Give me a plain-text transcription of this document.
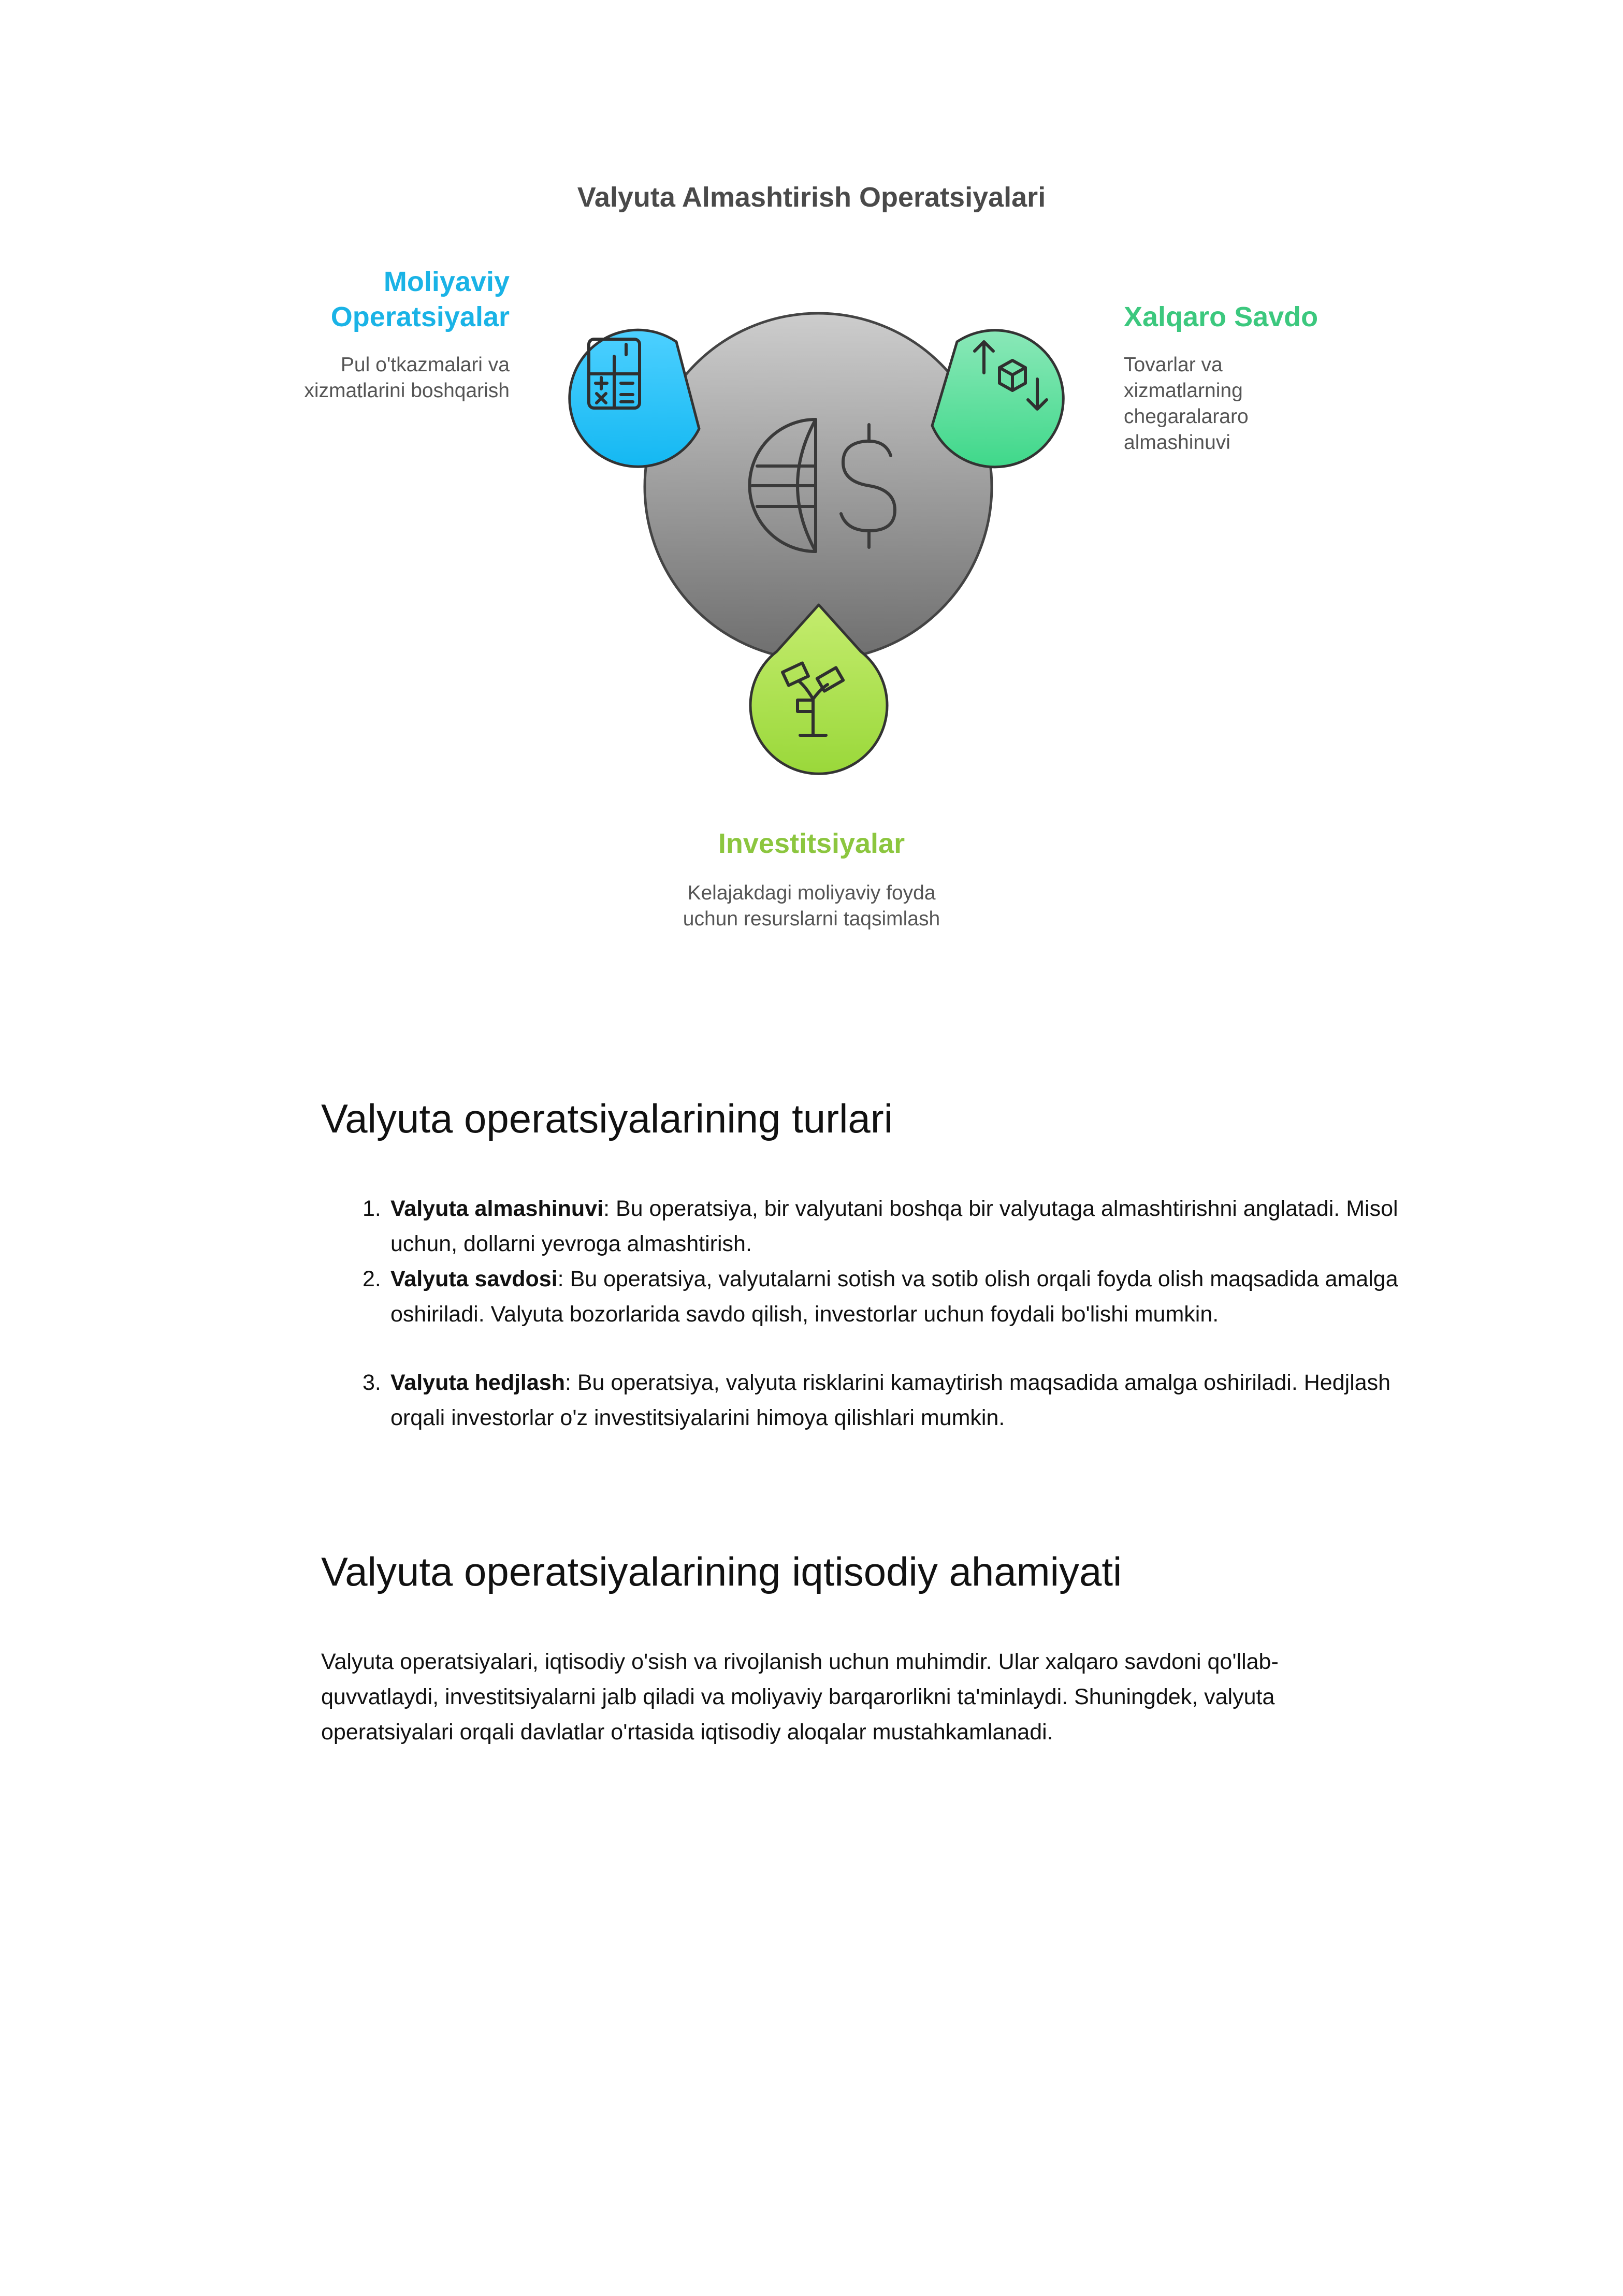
Valyuta Almashtirish Operatsiyalari
Moliyaviy Operatsiyalar
Pul o'tkazmalari va xizmatlarini boshqarish
Xalqaro Savdo
Tovarlar va xizmatlarning chegaralararo almashinuvi
Investitsiyalar
Kelajakdagi moliyaviy foyda uchun resurslarni taqsimlash
Valyuta operatsiyalarining turlari
1. Valyuta almashinuvi: Bu operatsiya, bir valyutani boshqa bir valyutaga almashtirishni anglatadi. Misol uchun, dollarni yevroga almashtirish.
2. Valyuta savdosi: Bu operatsiya, valyutalarni sotish va sotib olish orqali foyda olish maqsadida amalga oshiriladi. Valyuta bozorlarida savdo qilish, investorlar uchun foydali bo'lishi mumkin.
3. Valyuta hedjlash: Bu operatsiya, valyuta risklarini kamaytirish maqsadida amalga oshiriladi. Hedjlash orqali investorlar o'z investitsiyalarini himoya qilishlari mumkin.
Valyuta operatsiyalarining iqtisodiy ahamiyati

Valyuta operatsiyalari, iqtisodiy o'sish va rivojlanish uchun muhimdir. Ular xalqaro savdoni qo'llab-quvvatlaydi, investitsiyalarni jalb qiladi va moliyaviy barqarorlikni ta'minlaydi. Shuningdek, valyuta operatsiyalari orqali davlatlar o'rtasida iqtisodiy aloqalar mustahkamlanadi.
